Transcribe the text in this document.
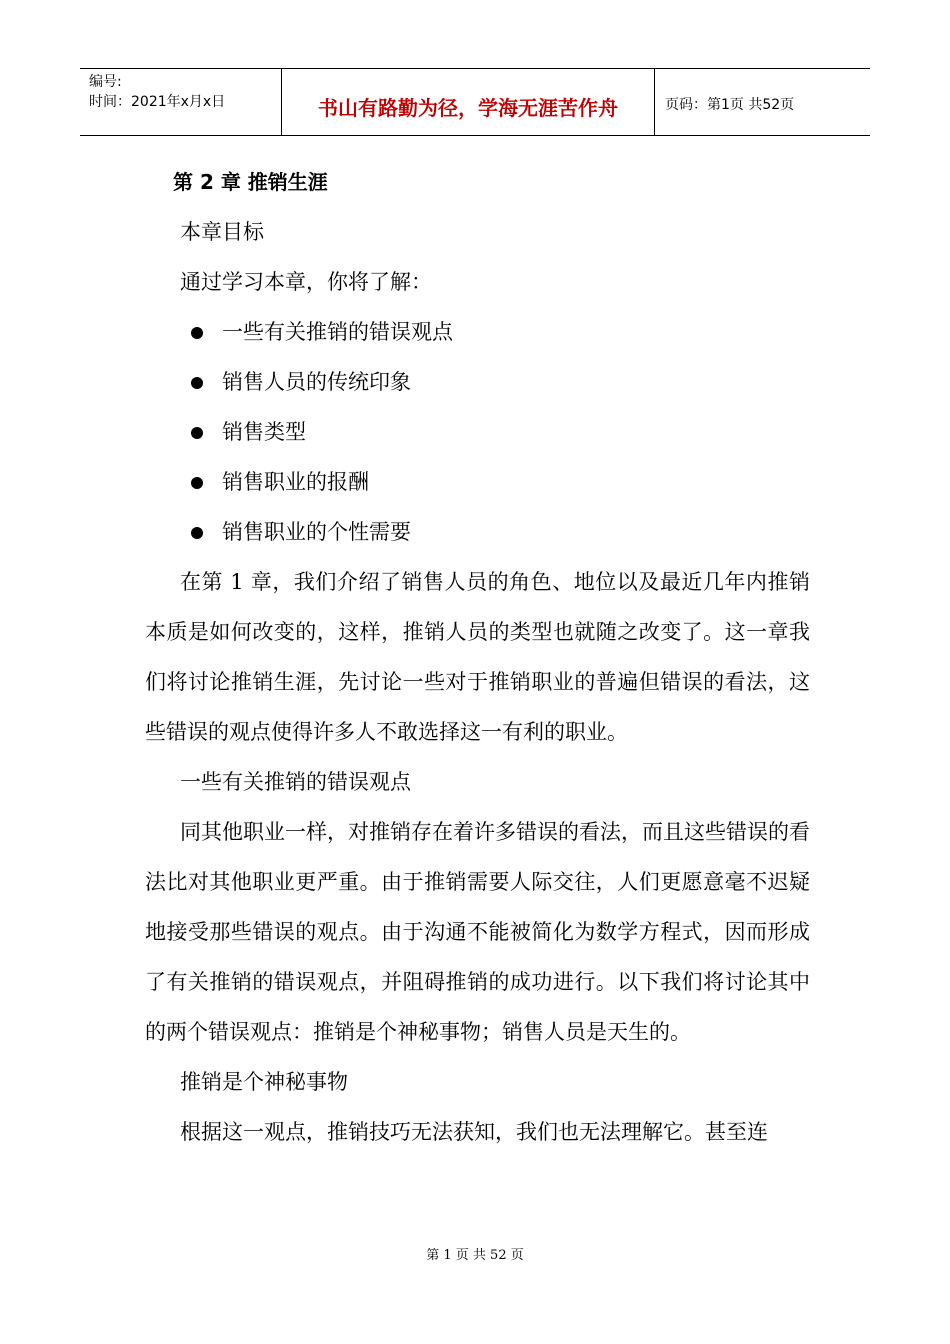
编号:
时间：2021年x月x日	书山有路勤为径，学海无涯苦作舟	页码：第1页 共52页
第 2 章 推销生涯

本章目标

通过学习本章，你将了解：

一些有关推销的错误观点
销售人员的传统印象
销售类型
销售职业的报酬
销售职业的个性需要

在第 1 章，我们介绍了销售人员的角色、地位以及最近几年内推销本质是如何改变的，这样，推销人员的类型也就随之改变了。这一章我们将讨论推销生涯，先讨论一些对于推销职业的普遍但错误的看法，这些错误的观点使得许多人不敢选择这一有利的职业。

一些有关推销的错误观点

同其他职业一样，对推销存在着许多错误的看法，而且这些错误的看法比对其他职业更严重。由于推销需要人际交往，人们更愿意毫不迟疑地接受那些错误的观点。由于沟通不能被简化为数学方程式，因而形成了有关推销的错误观点，并阻碍推销的成功进行。以下我们将讨论其中的两个错误观点：推销是个神秘事物；销售人员是天生的。

推销是个神秘事物

根据这一观点，推销技巧无法获知，我们也无法理解它。甚至连

第 1 页 共 52 页
